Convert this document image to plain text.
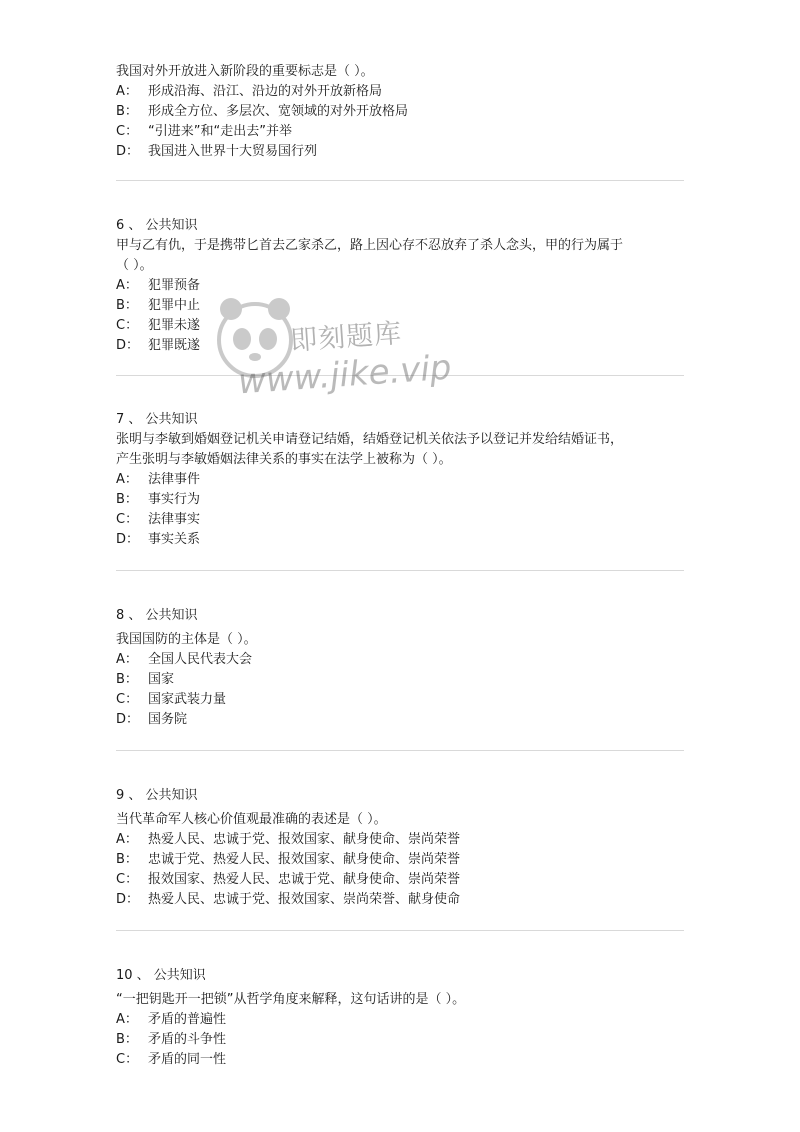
我国对外开放进入新阶段的重要标志是（ ）。
A： 形成沿海、沿江、沿边的对外开放新格局
B： 形成全方位、多层次、宽领域的对外开放格局
C： “引进来”和“走出去”并举
D： 我国进入世界十大贸易国行列
6 、 公共知识
甲与乙有仇，于是携带匕首去乙家杀乙，路上因心存不忍放弃了杀人念头，甲的行为属于
（ ）。
A： 犯罪预备
B： 犯罪中止
C： 犯罪未遂
D： 犯罪既遂
7 、 公共知识
张明与李敏到婚姻登记机关申请登记结婚，结婚登记机关依法予以登记并发给结婚证书，
产生张明与李敏婚姻法律关系的事实在法学上被称为（ ）。
A： 法律事件
B： 事实行为
C： 法律事实
D： 事实关系
8 、 公共知识
我国国防的主体是（ ）。
A： 全国人民代表大会
B： 国家
C： 国家武装力量
D： 国务院
9 、 公共知识
当代革命军人核心价值观最准确的表述是（ ）。
A： 热爱人民、忠诚于党、报效国家、献身使命、崇尚荣誉
B： 忠诚于党、热爱人民、报效国家、献身使命、崇尚荣誉
C： 报效国家、热爱人民、忠诚于党、献身使命、崇尚荣誉
D： 热爱人民、忠诚于党、报效国家、崇尚荣誉、献身使命
10 、 公共知识
“一把钥匙开一把锁”从哲学角度来解释，这句话讲的是（ ）。
A： 矛盾的普遍性
B： 矛盾的斗争性
C： 矛盾的同一性
即刻题库
www.jike.vip
